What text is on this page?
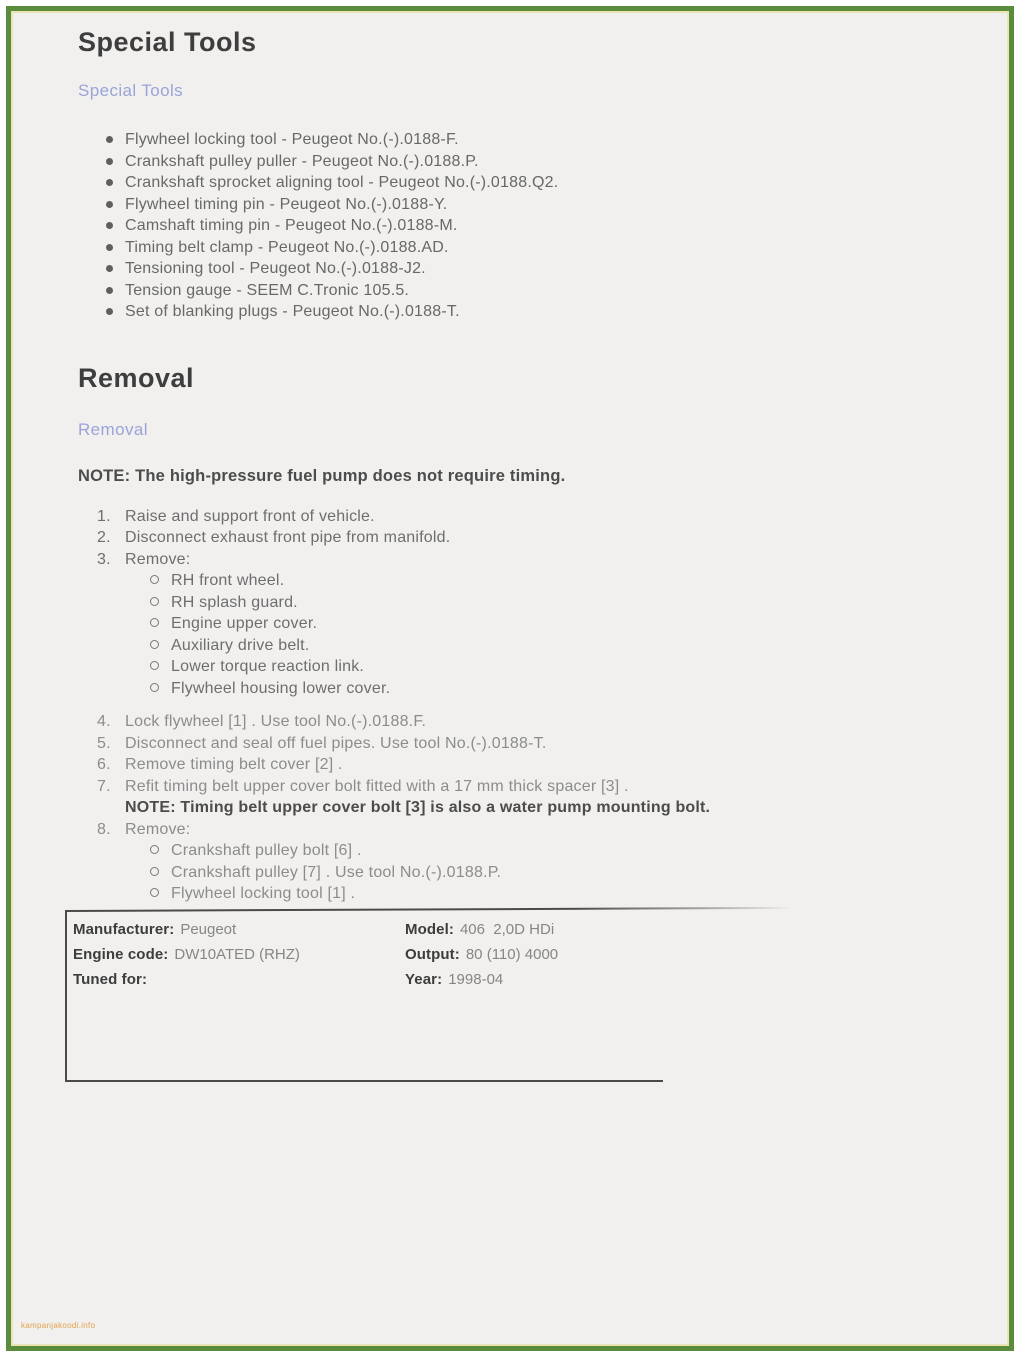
Special Tools
Special Tools
Flywheel locking tool - Peugeot No.(-).0188-F.
Crankshaft pulley puller - Peugeot No.(-).0188.P.
Crankshaft sprocket aligning tool - Peugeot No.(-).0188.Q2.
Flywheel timing pin - Peugeot No.(-).0188-Y.
Camshaft timing pin - Peugeot No.(-).0188-M.
Timing belt clamp - Peugeot No.(-).0188.AD.
Tensioning tool - Peugeot No.(-).0188-J2.
Tension gauge - SEEM C.Tronic 105.5.
Set of blanking plugs - Peugeot No.(-).0188-T.
Removal
Removal
NOTE: The high-pressure fuel pump does not require timing.
1. Raise and support front of vehicle.
2. Disconnect exhaust front pipe from manifold.
3. Remove:
RH front wheel.
RH splash guard.
Engine upper cover.
Auxiliary drive belt.
Lower torque reaction link.
Flywheel housing lower cover.
4. Lock flywheel [1] . Use tool No.(-).0188.F.
5. Disconnect and seal off fuel pipes. Use tool No.(-).0188-T.
6. Remove timing belt cover [2] .
7. Refit timing belt upper cover bolt fitted with a 17 mm thick spacer [3] .
NOTE: Timing belt upper cover bolt [3] is also a water pump mounting bolt.
8. Remove:
Crankshaft pulley bolt [6] .
Crankshaft pulley [7] . Use tool No.(-).0188.P.
Flywheel locking tool [1] .
Manufacturer: Peugeot	Model: 406  2,0D HDi
Engine code: DW10ATED (RHZ)	Output: 80 (110) 4000
Tuned for:	Year: 1998-04
kampanjakoodi.info
